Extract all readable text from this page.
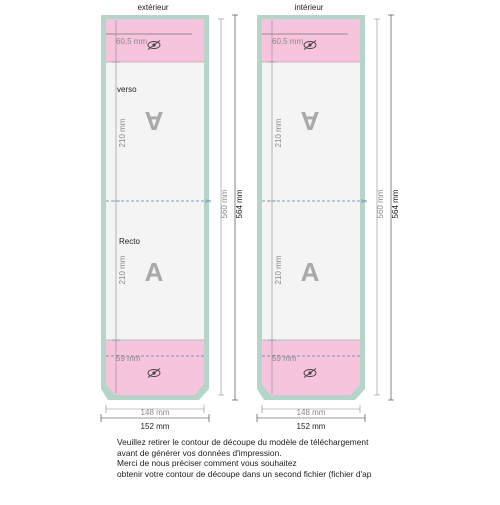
extérieur
✂
60,5 mm
59 mm
210 mm
210 mm
verso
Recto
A
A
560 mm 564 mm
148 mm
152 mm
intérieur
✂
60,5 mm
59 mm
210 mm
210 mm
A
A
560 mm 564 mm
148 mm
152 mm
Veuillez retirer le contour de découpe du modèle de téléchargement
avant de générer vos données d'impression.
Merci de nous préciser comment vous souhaitez
obtenir votre contour de découpe dans un second fichier (fichier d'ap
